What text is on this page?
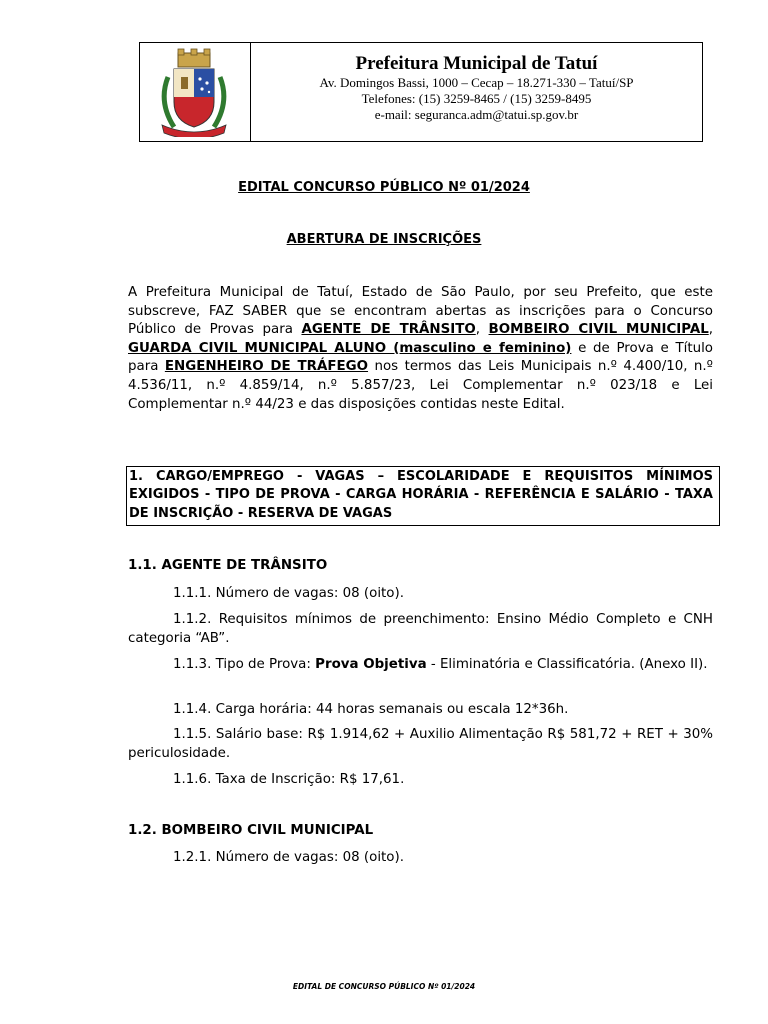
Prefeitura Municipal de Tatuí
Av. Domingos Bassi, 1000 – Cecap – 18.271-330 – Tatuí/SP
Telefones: (15) 3259-8465 / (15) 3259-8495
e-mail: seguranca.adm@tatui.sp.gov.br
EDITAL CONCURSO PÚBLICO Nº 01/2024
ABERTURA DE INSCRIÇÕES
A Prefeitura Municipal de Tatuí, Estado de São Paulo, por seu Prefeito, que este subscreve, FAZ SABER que se encontram abertas as inscrições para o Concurso Público de Provas para AGENTE DE TRÂNSITO, BOMBEIRO CIVIL MUNICIPAL, GUARDA CIVIL MUNICIPAL ALUNO (masculino e feminino) e de Prova e Título para ENGENHEIRO DE TRÁFEGO nos termos das Leis Municipais n.º 4.400/10, n.º 4.536/11, n.º 4.859/14, n.º 5.857/23, Lei Complementar n.º 023/18 e Lei Complementar n.º 44/23 e das disposições contidas neste Edital.
1. CARGO/EMPREGO - VAGAS – ESCOLARIDADE E REQUISITOS MÍNIMOS EXIGIDOS - TIPO DE PROVA - CARGA HORÁRIA - REFERÊNCIA E SALÁRIO - TAXA DE INSCRIÇÃO - RESERVA DE VAGAS
1.1. AGENTE DE TRÂNSITO
1.1.1. Número de vagas: 08 (oito).
1.1.2. Requisitos mínimos de preenchimento: Ensino Médio Completo e CNH categoria “AB”.
1.1.3. Tipo de Prova: Prova Objetiva - Eliminatória e Classificatória. (Anexo II).
1.1.4. Carga horária: 44 horas semanais ou escala 12*36h.
1.1.5. Salário base: R$ 1.914,62 + Auxilio Alimentação R$ 581,72 + RET + 30% periculosidade.
1.1.6. Taxa de Inscrição: R$ 17,61.
1.2. BOMBEIRO CIVIL MUNICIPAL
1.2.1. Número de vagas: 08 (oito).
EDITAL DE CONCURSO PÚBLICO Nº 01/2024
